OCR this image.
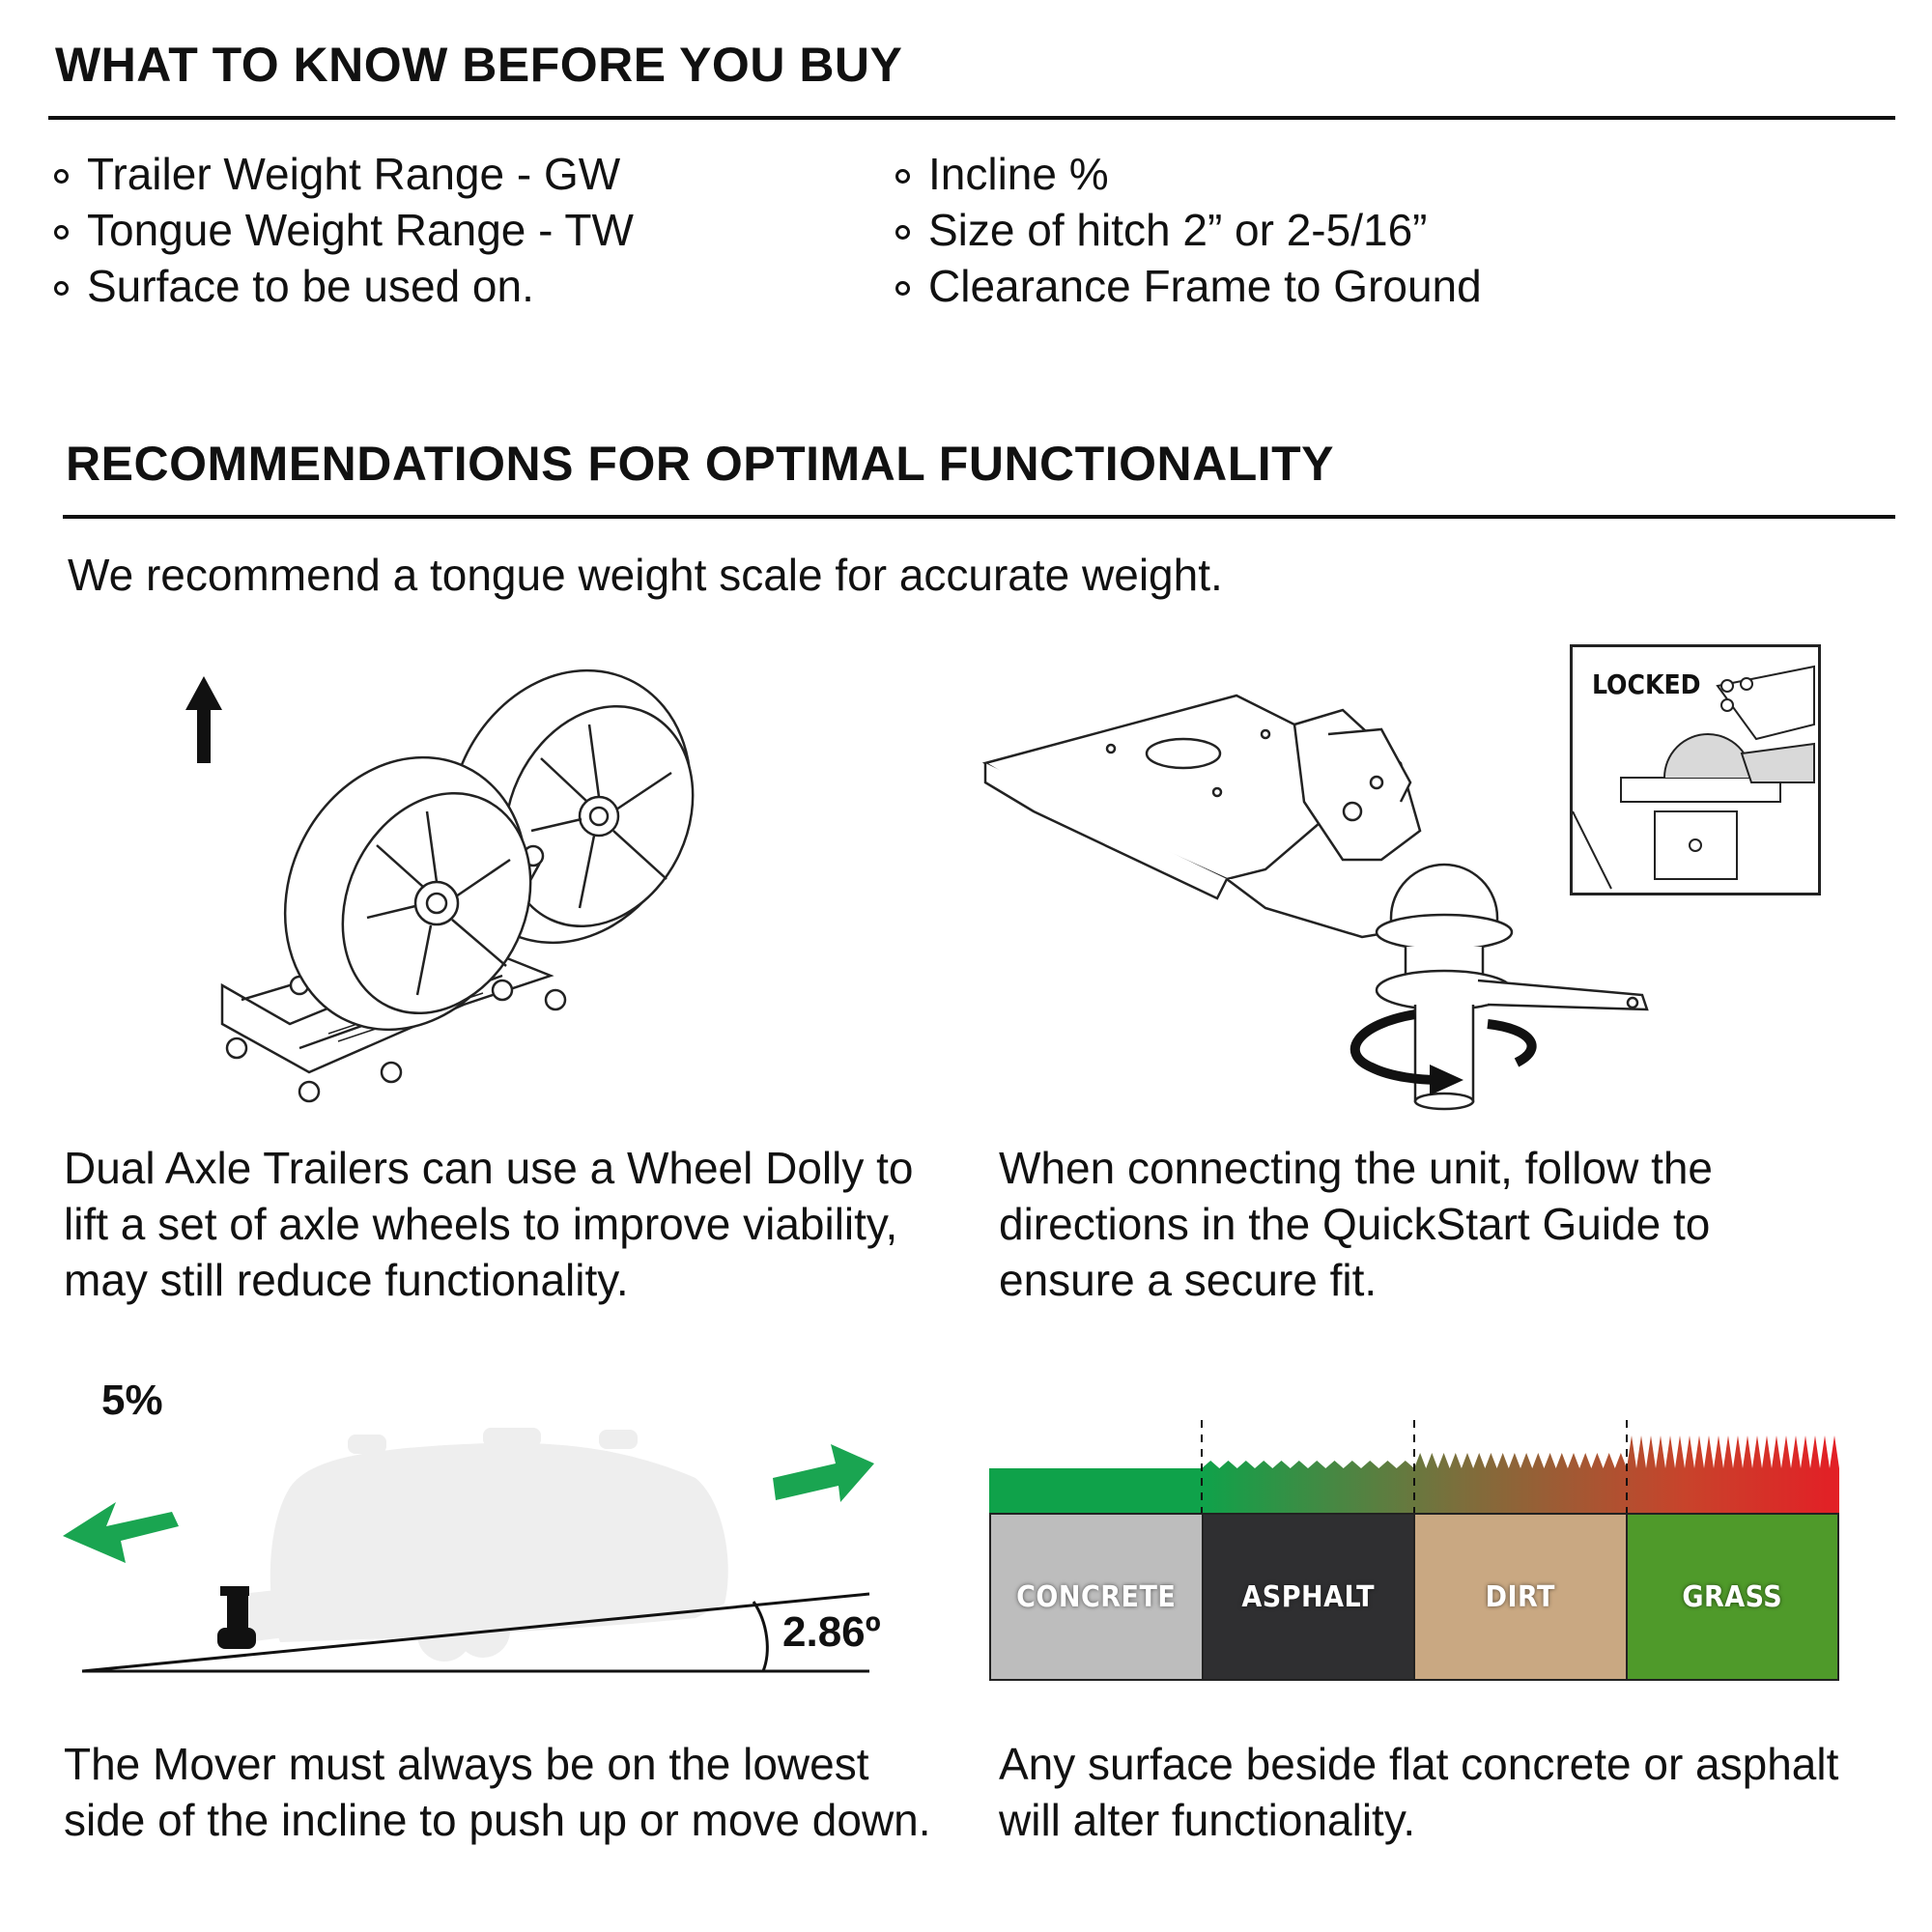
WHAT TO KNOW BEFORE YOU BUY
Trailer Weight Range - GW
Tongue Weight Range - TW
Surface to be used on.
Incline %
Size of hitch 2” or 2-5/16”
Clearance Frame to Ground
RECOMMENDATIONS FOR OPTIMAL FUNCTIONALITY
We recommend a tongue weight scale for accurate weight.
LOCKED
Dual Axle Trailers can use a Wheel Dolly to lift a set of axle wheels to improve viability, may still reduce functionality.
When connecting the unit, follow the directions in the QuickStart Guide to ensure a secure fit.
5%
2.86º
CONCRETE	ASPHALT	DIRT	GRASS
The Mover must always be on the lowest side of the incline to push up or move down.
Any surface beside flat concrete or asphalt will alter functionality.
